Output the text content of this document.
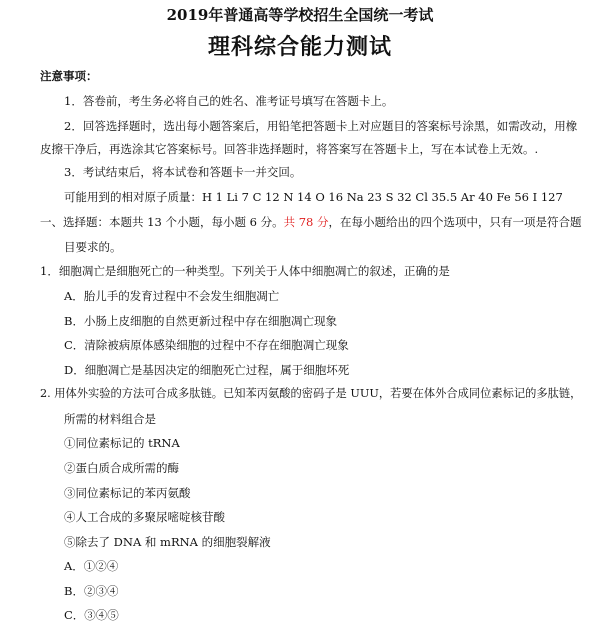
2019年普通高等学校招生全国统一考试
理科综合能力测试
注意事项：
1．答卷前，考生务必将自己的姓名、准考证号填写在答题卡上。
2．回答选择题时，选出每小题答案后，用铅笔把答题卡上对应题目的答案标号涂黑，如需改动，用橡
皮擦干净后，再选涂其它答案标号。回答非选择题时，将答案写在答题卡上，写在本试卷上无效。.
3．考试结束后，将本试卷和答题卡一并交回。
可能用到的相对原子质量：H 1 Li 7 C 12 N 14 O 16 Na 23 S 32 Cl 35.5 Ar 40 Fe 56 I 127
一、选择题：本题共 13 个小题，每小题 6 分。共 78 分，在每小题给出的四个选项中，只有一项是符合题
目要求的。
1．细胞凋亡是细胞死亡的一种类型。下列关于人体中细胞凋亡的叙述，正确的是
A．胎儿手的发育过程中不会发生细胞凋亡
B．小肠上皮细胞的自然更新过程中存在细胞凋亡现象
C．清除被病原体感染细胞的过程中不存在细胞凋亡现象
D．细胞凋亡是基因决定的细胞死亡过程，属于细胞坏死
2. 用体外实验的方法可合成多肽链。已知苯丙氨酸的密码子是 UUU，若要在体外合成同位素标记的多肽链，
所需的材料组合是
①同位素标记的 tRNA
②蛋白质合成所需的酶
③同位素标记的苯丙氨酸
④人工合成的多聚尿嘧啶核苷酸
⑤除去了 DNA 和 mRNA 的细胞裂解液
A．①②④
B．②③④
C．③④⑤
